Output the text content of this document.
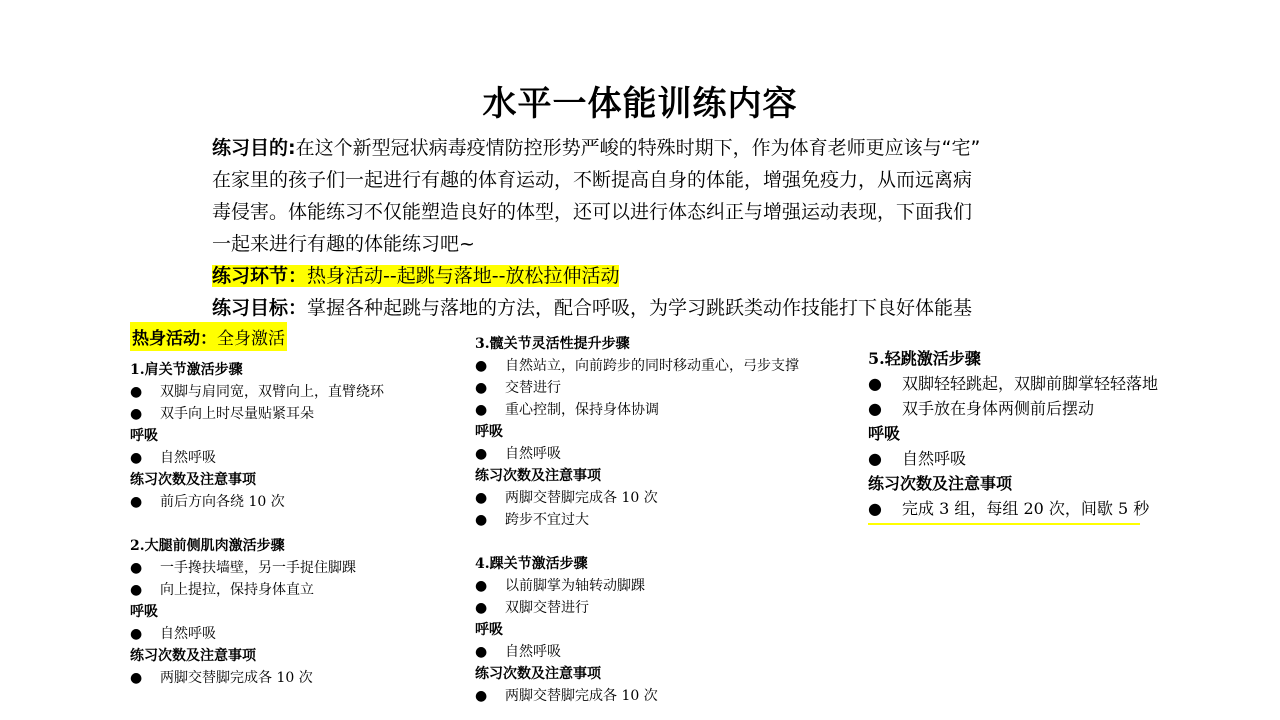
水平一体能训练内容

练习目的:在这个新型冠状病毒疫情防控形势严峻的特殊时期下，作为体育老师更应该与“宅”

在家里的孩子们一起进行有趣的体育运动，不断提高自身的体能，增强免疫力，从而远离病

毒侵害。体能练习不仅能塑造良好的体型，还可以进行体态纠正与增强运动表现，下面我们

一起来进行有趣的体能练习吧~

练习环节：热身活动--起跳与落地--放松拉伸活动

练习目标：掌握各种起跳与落地的方法，配合呼吸，为学习跳跃类动作技能打下良好体能基

热身活动：全身激活
1.肩关节激活步骤
● 双脚与肩同宽，双臂向上，直臂绕环
● 双手向上时尽量贴紧耳朵
呼吸
● 自然呼吸
练习次数及注意事项
● 前后方向各绕 10 次
2.大腿前侧肌肉激活步骤
● 一手搀扶墙壁，另一手捉住脚踝
● 向上提拉，保持身体直立
呼吸
● 自然呼吸
练习次数及注意事项
● 两脚交替脚完成各 10 次
3.髋关节灵活性提升步骤
● 自然站立，向前跨步的同时移动重心，弓步支撑
● 交替进行
● 重心控制，保持身体协调
呼吸
● 自然呼吸
练习次数及注意事项
● 两脚交替脚完成各 10 次
● 跨步不宜过大
4.踝关节激活步骤
● 以前脚掌为轴转动脚踝
● 双脚交替进行
呼吸
● 自然呼吸
练习次数及注意事项
● 两脚交替脚完成各 10 次
5.轻跳激活步骤
● 双脚轻轻跳起，双脚前脚掌轻轻落地
● 双手放在身体两侧前后摆动
呼吸
● 自然呼吸
练习次数及注意事项
● 完成 3 组，每组 20 次，间歇 5 秒
